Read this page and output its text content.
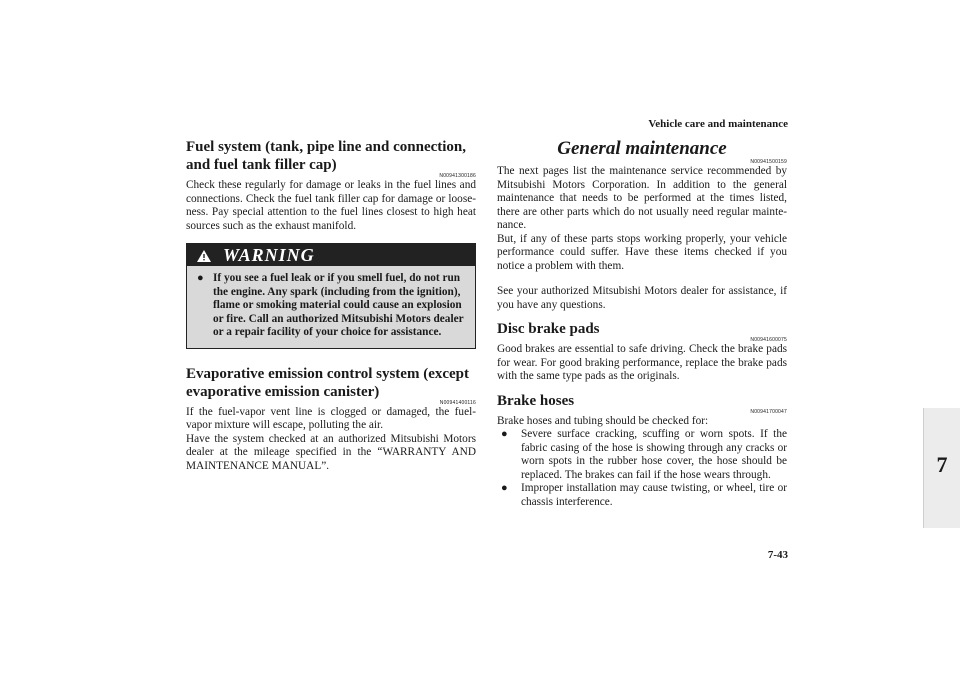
Vehicle care and maintenance
7
7-43
Fuel system (tank, pipe line and connection, and fuel tank filler cap)
N00941300186

Check these regularly for damage or leaks in the fuel lines and connections. Check the fuel tank filler cap for damage or loose-ness. Pay special attention to the fuel lines closest to high heat sources such as the exhaust manifold.

WARNING
● If you see a fuel leak or if you smell fuel, do not run the engine. Any spark (including from the ignition), flame or smoking material could cause an explosion or fire. Call an authorized Mitsubishi Motors dealer or a repair facility of your choice for assistance.
Evaporative emission control system (except evaporative emission canister)
N00941400116

If the fuel-vapor vent line is clogged or damaged, the fuel-vapor mixture will escape, polluting the air.

Have the system checked at an authorized Mitsubishi Motors dealer at the mileage specified in the “WARRANTY AND MAINTENANCE MANUAL”.

General maintenance
N00941500159

The next pages list the maintenance service recommended by Mitsubishi Motors Corporation. In addition to the general maintenance that needs to be performed at the times listed, there are other parts which do not usually need regular mainte-nance.

But, if any of these parts stops working properly, your vehicle performance could suffer. Have these items checked if you notice a problem with them.

See your authorized Mitsubishi Motors dealer for assistance, if you have any questions.

Disc brake pads
N00941600075

Good brakes are essential to safe driving. Check the brake pads for wear. For good braking performance, replace the brake pads with the same type pads as the originals.

Brake hoses
N00941700047

Brake hoses and tubing should be checked for:

●	Severe surface cracking, scuffing or worn spots. If the fabric casing of the hose is showing through any cracks or worn spots in the rubber hose cover, the hose should be replaced. The brakes can fail if the hose wears through.
●	Improper installation may cause twisting, or wheel, tire or chassis interference.
